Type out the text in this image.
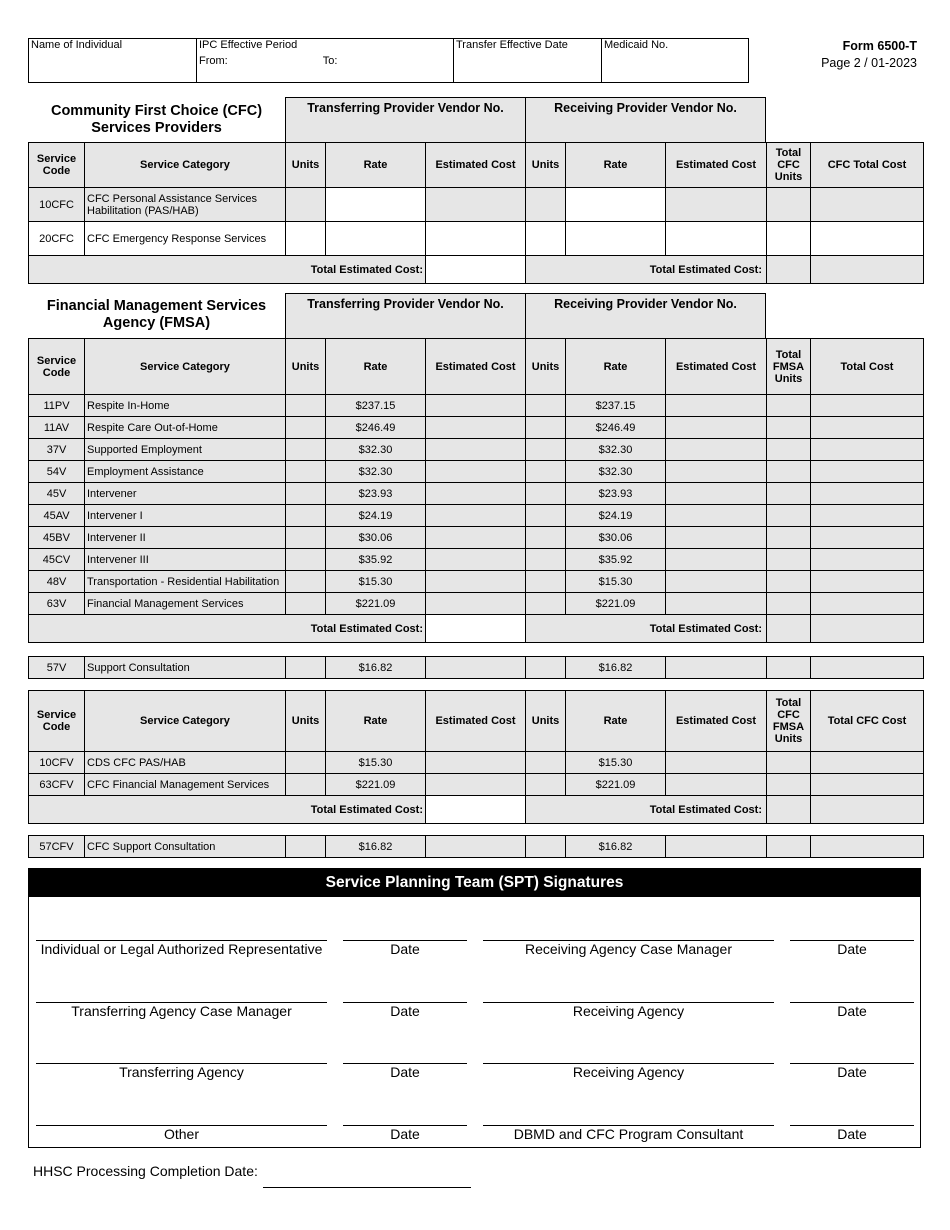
Name of Individual	IPC Effective Period
From:	To:
	Transfer Effective Date	Medicaid No.	Form 6500-T
Page 2 / 01-2023
Community First Choice (CFC)
Services Providers
Transferring Provider Vendor No.	Receiving Provider Vendor No.
Service Code	Service Category	Units	Rate	Estimated Cost	Units	Rate	Estimated Cost	Total CFC Units	CFC Total Cost
10CFC	CFC Personal Assistance Services Habilitation (PAS/HAB)								
20CFC	CFC Emergency Response Services								
Total Estimated Cost:					Total Estimated Cost:				
Financial Management Services
Agency (FMSA)
Transferring Provider Vendor No.	Receiving Provider Vendor No.
Service Code	Service Category	Units	Rate	Estimated Cost	Units	Rate	Estimated Cost	Total FMSA Units	Total Cost
11PV	Respite In-Home		$237.15			$237.15			
11AV	Respite Care Out-of-Home		$246.49			$246.49			
37V	Supported Employment		$32.30			$32.30			
54V	Employment Assistance		$32.30			$32.30			
45V	Intervener		$23.93			$23.93			
45AV	Intervener I		$24.19			$24.19			
45BV	Intervener II		$30.06			$30.06			
45CV	Intervener III		$35.92			$35.92			
48V	Transportation - Residential Habilitation		$15.30			$15.30			
63V	Financial Management Services		$221.09			$221.09			
Total Estimated Cost:					Total Estimated Cost:				
57V	Support Consultation		$16.82			$16.82			
Service Code	Service Category	Units	Rate	Estimated Cost	Units	Rate	Estimated Cost	Total CFC FMSA Units	Total CFC Cost
10CFV	CDS CFC PAS/HAB		$15.30			$15.30			
63CFV	CFC Financial Management Services		$221.09			$221.09			
Total Estimated Cost:					Total Estimated Cost:				
57CFV	CFC Support Consultation		$16.82			$16.82			
Service Planning Team (SPT) Signatures
Individual or Legal Authorized Representative	Date	Receiving Agency Case Manager	Date
Transferring Agency Case Manager	Date	Receiving Agency	Date
Transferring Agency	Date	Receiving Agency	Date
Other	Date	DBMD and CFC Program Consultant	Date
HHSC Processing Completion Date:
